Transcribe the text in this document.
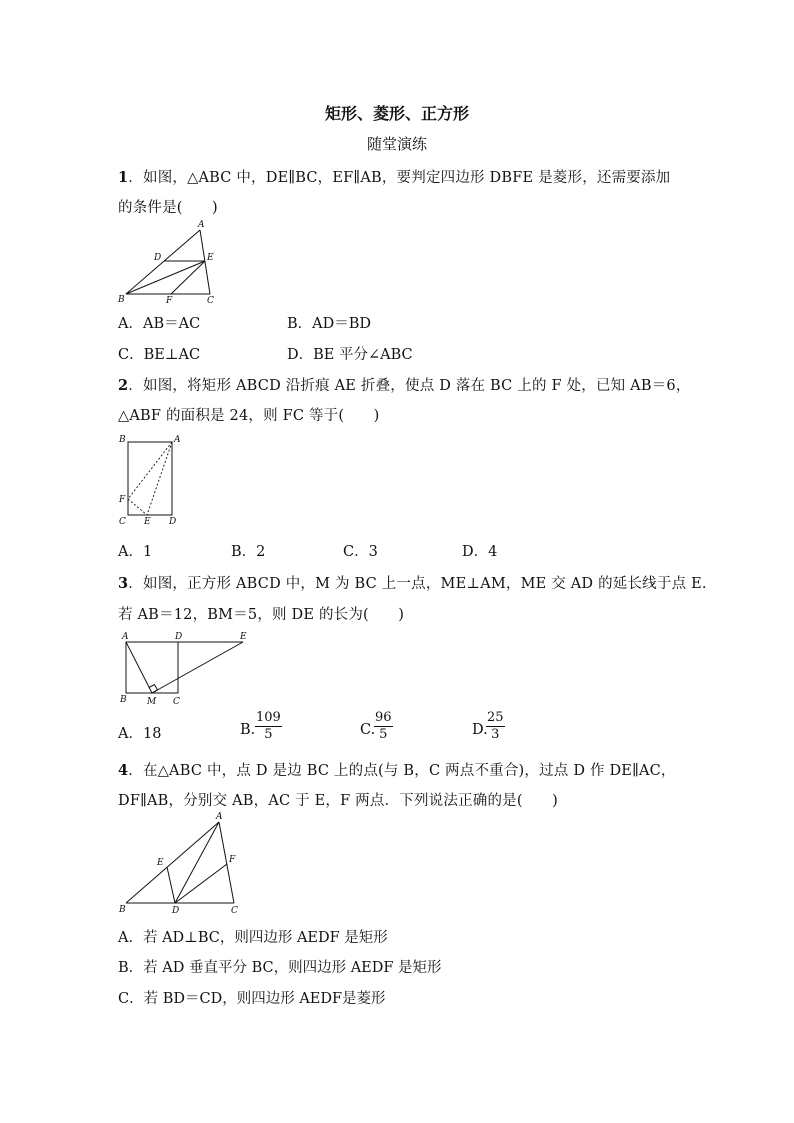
矩形、菱形、正方形
随堂演练
1．如图，△ABC 中，DE∥BC，EF∥AB，要判定四边形 DBFE 是菱形，还需要添加
的条件是(　　)
A
D	E
B	F	C
A．AB＝AC	B．AD＝BD
C．BE⊥AC	D．BE 平分∠ABC
2．如图，将矩形 ABCD 沿折痕 AE 折叠，使点 D 落在 BC 上的 F 处，已知 AB＝6，
△ABF 的面积是 24，则 FC 等于(　　)
B	A
F
C E D
A．1	B．2	C．3	D．4
3．如图，正方形 ABCD 中，M 为 BC 上一点，ME⊥AM，ME 交 AD 的延长线于点 E.
若 AB＝12，BM＝5，则 DE 的长为(　　)
A	D	E
B M C
A．18	B. $\frac{109}{5}$	C.
$\frac{96}{5}$	D.
$\frac{25}{3}$
4．在△ABC 中，点 D 是边 BC 上的点(与 B，C 两点不重合)，过点 D 作 DE∥AC，
DF∥AB，分别交 AB，AC 于 E，F 两点．下列说法正确的是(　　)
A
E	F
B	D	C
A．若 AD⊥BC，则四边形 AEDF 是矩形
B．若 AD 垂直平分 BC，则四边形 AEDF 是矩形
C．若 BD＝CD，则四边形 AEDF是菱形
